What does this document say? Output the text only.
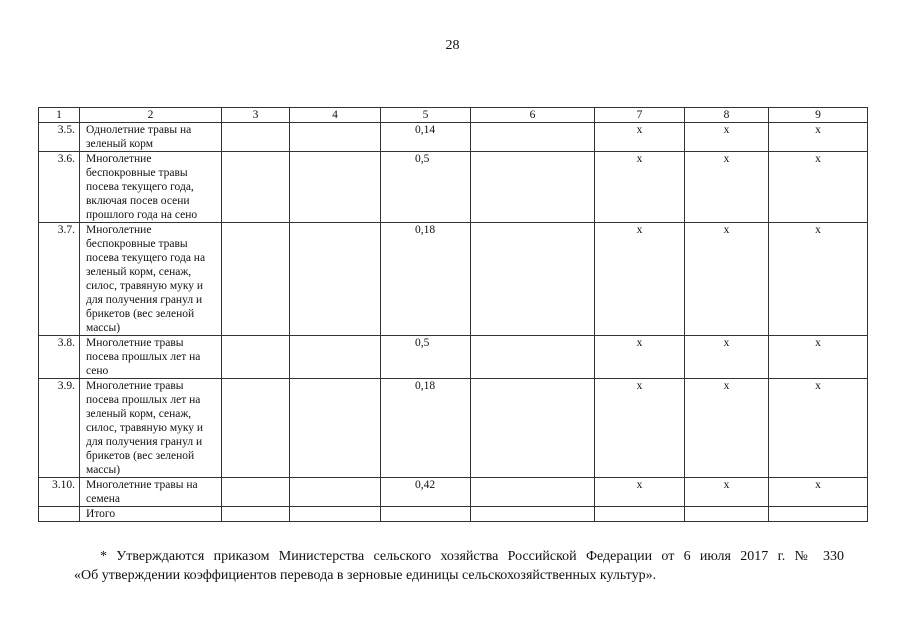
28
1	2	3	4	5	6	7	8	9
3.5.	Однолетние травы на зеленый корм			0,14		х	х	х
3.6.	Многолетние беспокровные травы посева текущего года, включая посев осени прошлого года на сено			0,5		х	х	х
3.7.	Многолетние беспокровные травы посева текущего года на зеленый корм, сенаж, силос, травяную муку и для получения гранул и брикетов (вес зеленой массы)			0,18		х	х	х
3.8.	Многолетние травы посева прошлых лет на сено			0,5		х	х	х
3.9.	Многолетние травы посева прошлых лет на зеленый корм, сенаж, силос, травяную муку и для получения гранул и брикетов (вес зеленой массы)			0,18		х	х	х
3.10.	Многолетние травы на семена			0,42		х	х	х
	Итого							
* Утверждаются приказом Министерства сельского хозяйства Российской Федерации от 6 июля 2017 г. № 330
«Об утверждении коэффициентов перевода в зерновые единицы сельскохозяйственных культур».
